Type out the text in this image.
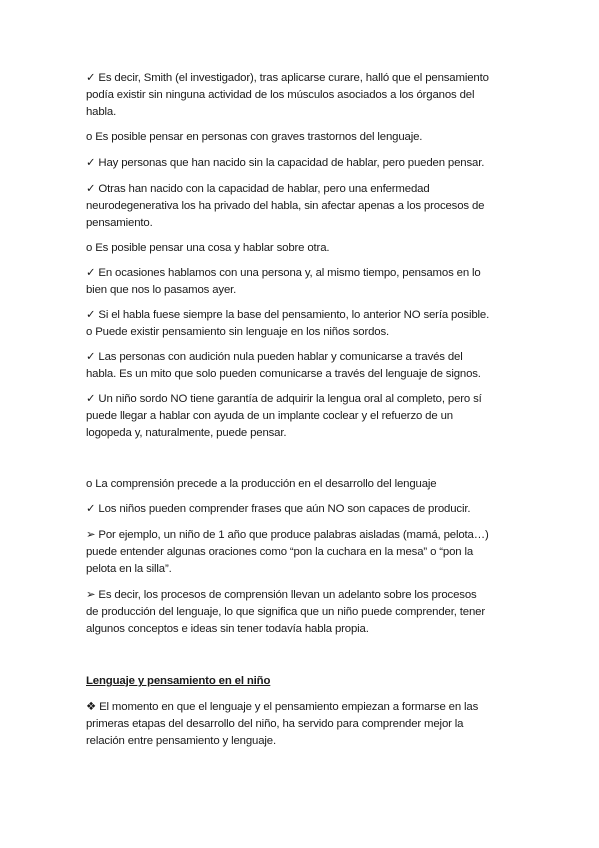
✓ Es decir, Smith (el investigador), tras aplicarse curare, halló que el pensamiento
podía existir sin ninguna actividad de los músculos asociados a los órganos del
habla.
o Es posible pensar en personas con graves trastornos del lenguaje.
✓ Hay personas que han nacido sin la capacidad de hablar, pero pueden pensar.
✓ Otras han nacido con la capacidad de hablar, pero una enfermedad
neurodegenerativa los ha privado del habla, sin afectar apenas a los procesos de
pensamiento.
o Es posible pensar una cosa y hablar sobre otra.
✓ En ocasiones hablamos con una persona y, al mismo tiempo, pensamos en lo
bien que nos lo pasamos ayer.
✓ Si el habla fuese siempre la base del pensamiento, lo anterior NO sería posible.
o Puede existir pensamiento sin lenguaje en los niños sordos.
✓ Las personas con audición nula pueden hablar y comunicarse a través del
habla. Es un mito que solo pueden comunicarse a través del lenguaje de signos.
✓ Un niño sordo NO tiene garantía de adquirir la lengua oral al completo, pero sí
puede llegar a hablar con ayuda de un implante coclear y el refuerzo de un
logopeda y, naturalmente, puede pensar.
o La comprensión precede a la producción en el desarrollo del lenguaje
✓ Los niños pueden comprender frases que aún NO son capaces de producir.
➢ Por ejemplo, un niño de 1 año que produce palabras aisladas (mamá, pelota…)
puede entender algunas oraciones como “pon la cuchara en la mesa” o “pon la
pelota en la silla”.
➢ Es decir, los procesos de comprensión llevan un adelanto sobre los procesos
de producción del lenguaje, lo que significa que un niño puede comprender, tener
algunos conceptos e ideas sin tener todavía habla propia.
Lenguaje y pensamiento en el niño
❖ El momento en que el lenguaje y el pensamiento empiezan a formarse en las
primeras etapas del desarrollo del niño, ha servido para comprender mejor la
relación entre pensamiento y lenguaje.
